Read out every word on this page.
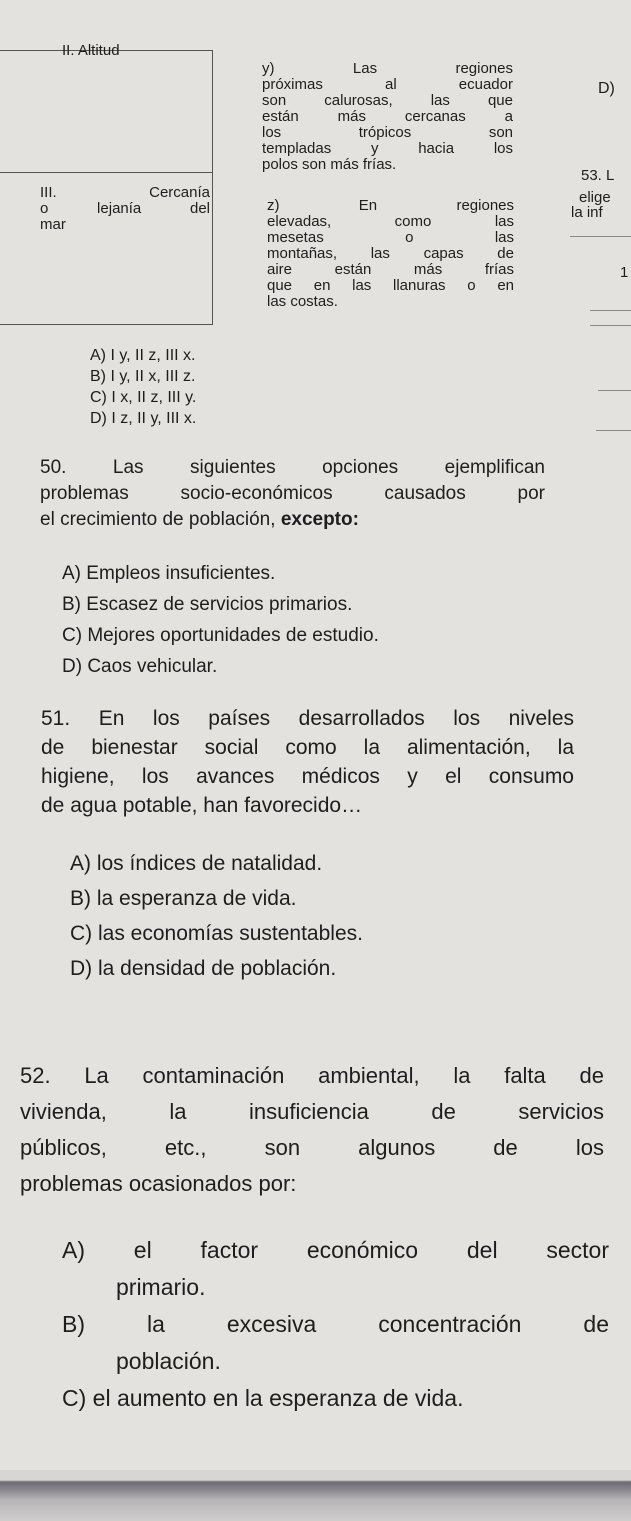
II. Altitud
III. Cercanía
o lejanía del
mar
y) Las regiones
próximas al ecuador
son calurosas, las que
están más cercanas a
los trópicos son
templadas y hacia los
polos son más frías.
z) En regiones
elevadas, como las
mesetas o las
montañas, las capas de
aire están más frías
que en las llanuras o en
las costas.
D)
53. L
elige
la inf
1
A) I y, II z, III x.
B) I y, II x, III z.
C) I x, II z, III y.
D) I z, II y, III x.
50. Las siguientes opciones ejemplifican
problemas socio-económicos causados por
el crecimiento de población, excepto:
A) Empleos insuficientes.
B) Escasez de servicios primarios.
C) Mejores oportunidades de estudio.
D) Caos vehicular.
51. En los países desarrollados los niveles
de bienestar social como la alimentación, la
higiene, los avances médicos y el consumo
de agua potable, han favorecido…
A) los índices de natalidad.
B) la esperanza de vida.
C) las economías sustentables.
D) la densidad de población.
52. La contaminación ambiental, la falta de
vivienda, la insuficiencia de servicios
públicos, etc., son algunos de los
problemas ocasionados por:
A) el factor económico del sector
primario.
B) la excesiva concentración de
población.
C) el aumento en la esperanza de vida.
